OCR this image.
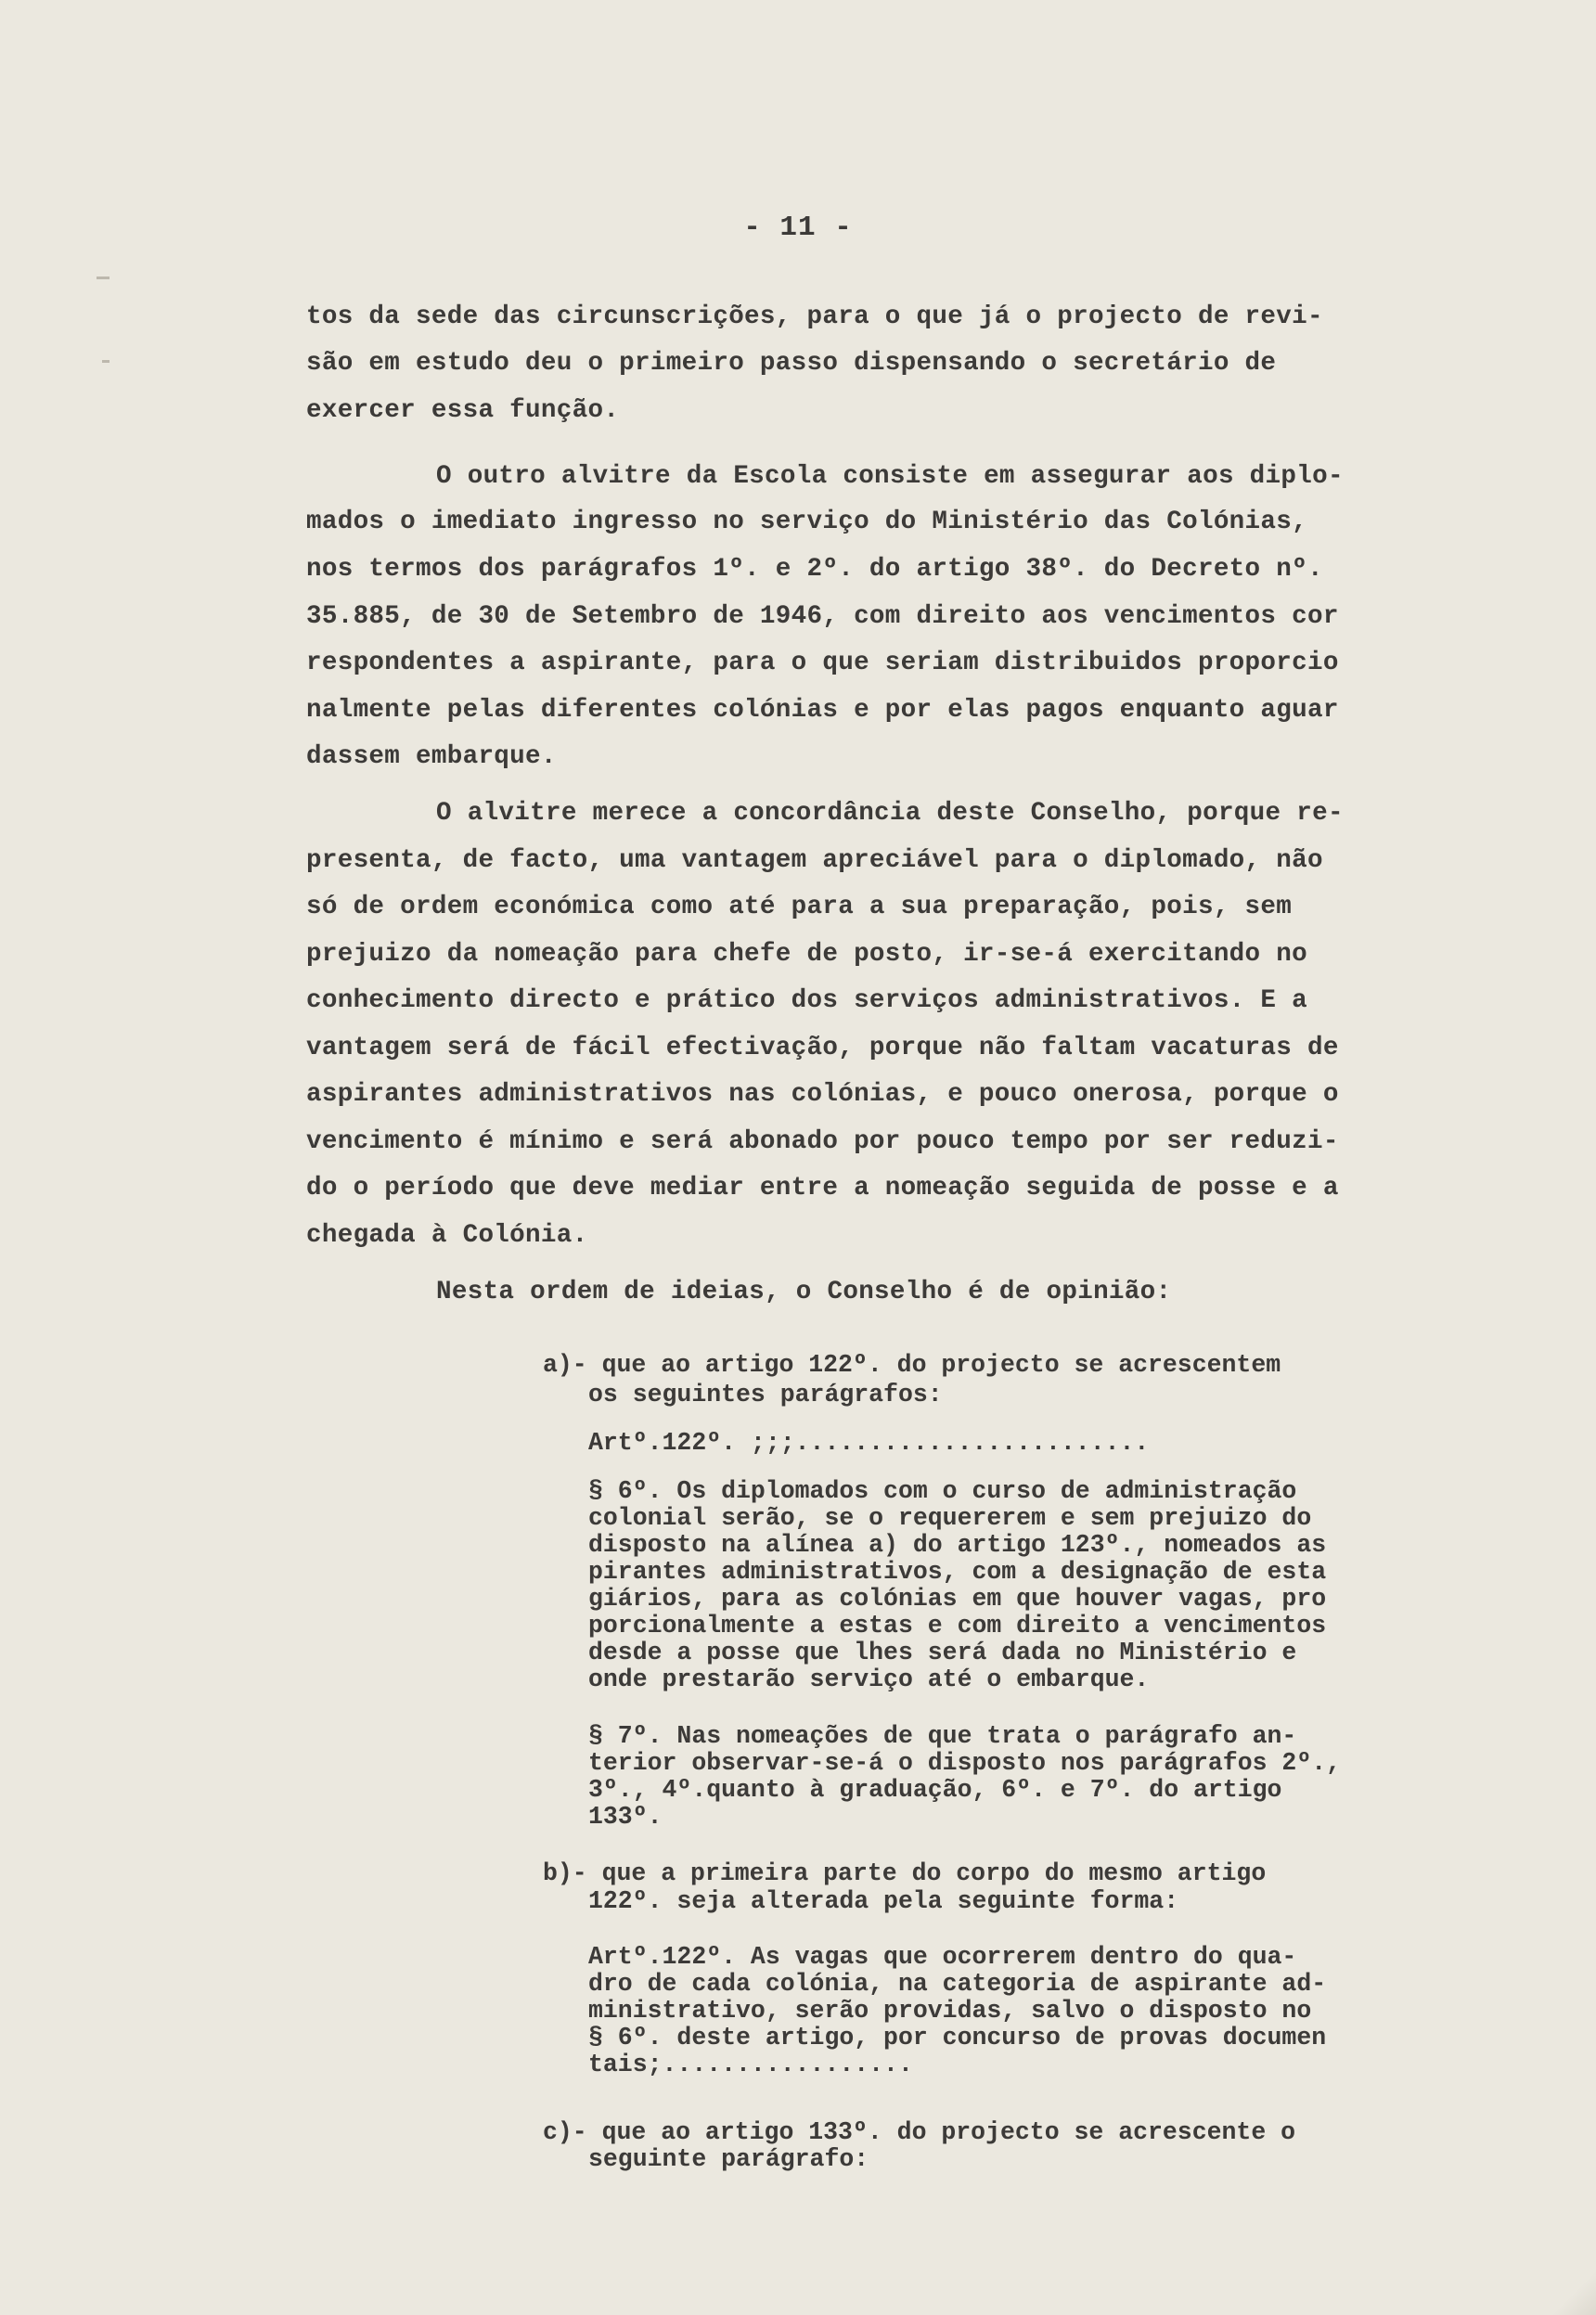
- 11 -
tos da sede das circunscrições, para o que já o projecto de revi-
são em estudo deu o primeiro passo dispensando o secretário de
exercer essa função.
O outro alvitre da Escola consiste em assegurar aos diplo-
mados o imediato ingresso no serviço do Ministério das Colónias,
nos termos dos parágrafos 1º. e 2º. do artigo 38º. do Decreto nº.
35.885, de 30 de Setembro de 1946, com direito aos vencimentos cor
respondentes a aspirante, para o que seriam distribuidos proporcio
nalmente pelas diferentes colónias e por elas pagos enquanto aguar
dassem embarque.
O alvitre merece a concordância deste Conselho, porque re-
presenta, de facto, uma vantagem apreciável para o diplomado, não
só de ordem económica como até para a sua preparação, pois, sem
prejuizo da nomeação para chefe de posto, ir-se-á exercitando no
conhecimento directo e prático dos serviços administrativos. E a
vantagem será de fácil efectivação, porque não faltam vacaturas de
aspirantes administrativos nas colónias, e pouco onerosa, porque o
vencimento é mínimo e será abonado por pouco tempo por ser reduzi-
do o período que deve mediar entre a nomeação seguida de posse e a
chegada à Colónia.
Nesta ordem de ideias, o Conselho é de opinião:
a)- que ao artigo 122º. do projecto se acrescentem
os seguintes parágrafos:
Artº.122º. ;;;........................
§ 6º. Os diplomados com o curso de administração
colonial serão, se o requererem e sem prejuizo do
disposto na alínea a) do artigo 123º., nomeados as
pirantes administrativos, com a designação de esta
giários, para as colónias em que houver vagas, pro
porcionalmente a estas e com direito a vencimentos
desde a posse que lhes será dada no Ministério e
onde prestarão serviço até o embarque.
§ 7º. Nas nomeações de que trata o parágrafo an-
terior observar-se-á o disposto nos parágrafos 2º.,
3º., 4º.quanto à graduação, 6º. e 7º. do artigo
133º.
b)- que a primeira parte do corpo do mesmo artigo
122º. seja alterada pela seguinte forma:
Artº.122º. As vagas que ocorrerem dentro do qua-
dro de cada colónia, na categoria de aspirante ad-
ministrativo, serão providas, salvo o disposto no
§ 6º. deste artigo, por concurso de provas documen
tais;.................
c)- que ao artigo 133º. do projecto se acrescente o
seguinte parágrafo:
